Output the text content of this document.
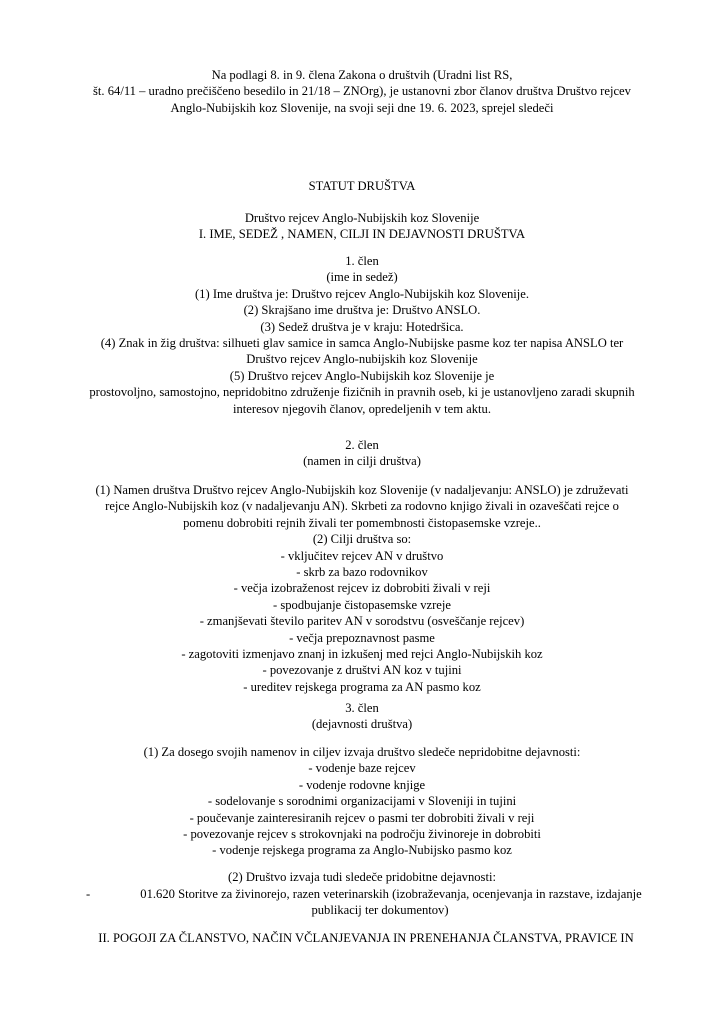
Na podlagi 8. in 9. člena Zakona o društvih (Uradni list RS,
št. 64/11 – uradno prečiščeno besedilo in 21/18 – ZNOrg), je ustanovni zbor članov društva Društvo rejcev
Anglo-Nubijskih koz Slovenije, na svoji seji dne 19. 6. 2023, sprejel sledeči
STATUT DRUŠTVA
Društvo rejcev Anglo-Nubijskih koz Slovenije
I. IME, SEDEŽ , NAMEN, CILJI IN DEJAVNOSTI DRUŠTVA
1. člen
(ime in sedež)
(1) Ime društva je: Društvo rejcev Anglo-Nubijskih koz Slovenije.
(2) Skrajšano ime društva je: Društvo ANSLO.
(3) Sedež društva je v kraju: Hotedršica.
(4) Znak in žig društva: silhueti glav samice in samca Anglo-Nubijske pasme koz ter napisa ANSLO ter
Društvo rejcev Anglo-nubijskih koz Slovenije
(5) Društvo rejcev Anglo-Nubijskih koz Slovenije je
prostovoljno, samostojno, nepridobitno združenje fizičnih in pravnih oseb, ki je ustanovljeno zaradi skupnih
interesov njegovih članov, opredeljenih v tem aktu.
2. člen
(namen in cilji društva)
(1) Namen društva Društvo rejcev Anglo-Nubijskih koz Slovenije (v nadaljevanju: ANSLO) je združevati
rejce Anglo-Nubijskih koz (v nadaljevanju AN). Skrbeti za rodovno knjigo živali in ozaveščati rejce o
pomenu dobrobiti rejnih živali ter pomembnosti čistopasemske vzreje..
(2) Cilji društva so:
- vključitev rejcev AN v društvo
- skrb za bazo rodovnikov
- večja izobraženost rejcev iz dobrobiti živali v reji
- spodbujanje čistopasemske vzreje
- zmanjševati število paritev AN v sorodstvu (osveščanje rejcev)
- večja prepoznavnost pasme
- zagotoviti izmenjavo znanj in izkušenj med rejci Anglo-Nubijskih koz
- povezovanje z društvi AN koz v tujini
- ureditev rejskega programa za AN pasmo koz
3. člen
(dejavnosti društva)
(1) Za dosego svojih namenov in ciljev izvaja društvo sledeče nepridobitne dejavnosti:
- vodenje baze rejcev
- vodenje rodovne knjige
- sodelovanje s sorodnimi organizacijami v Sloveniji in tujini
- poučevanje zainteresiranih rejcev o pasmi ter dobrobiti živali v reji
- povezovanje rejcev s strokovnjaki na področju živinoreje in dobrobiti
- vodenje rejskega programa za Anglo-Nubijsko pasmo koz
(2) Društvo izvaja tudi sledeče pridobitne dejavnosti:
-	01.620 Storitve za živinorejo, razen veterinarskih (izobraževanja, ocenjevanja in razstave, izdajanje
publikacij ter dokumentov)
II. POGOJI ZA ČLANSTVO, NAČIN VČLANJEVANJA IN PRENEHANJA ČLANSTVA, PRAVICE IN
